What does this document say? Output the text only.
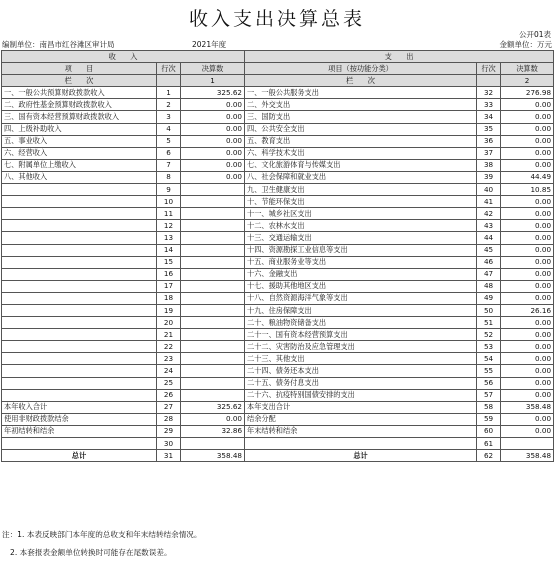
收入支出决算总表
公开01表
编制单位：南昌市红谷滩区审计局	2021年度	金额单位：万元
收　　入			支　　出		
项　　目	行次	决算数	项目（按功能分类）	行次	决算数
栏　　次		1	栏　　次		2
一、一般公共预算财政拨款收入	1	325.62	一、一般公共服务支出	32	276.98
二、政府性基金预算财政拨款收入	2	0.00	二、外交支出	33	0.00
三、国有资本经营预算财政拨款收入	3	0.00	三、国防支出	34	0.00
四、上级补助收入	4	0.00	四、公共安全支出	35	0.00
五、事业收入	5	0.00	五、教育支出	36	0.00
六、经营收入	6	0.00	六、科学技术支出	37	0.00
七、附属单位上缴收入	7	0.00	七、文化旅游体育与传媒支出	38	0.00
八、其他收入	8	0.00	八、社会保障和就业支出	39	44.49
	9		九、卫生健康支出	40	10.85
	10		十、节能环保支出	41	0.00
	11		十一、城乡社区支出	42	0.00
	12		十二、农林水支出	43	0.00
	13		十三、交通运输支出	44	0.00
	14		十四、资源勘探工业信息等支出	45	0.00
	15		十五、商业服务业等支出	46	0.00
	16		十六、金融支出	47	0.00
	17		十七、援助其他地区支出	48	0.00
	18		十八、自然资源海洋气象等支出	49	0.00
	19		十九、住房保障支出	50	26.16
	20		二十、粮油物资储备支出	51	0.00
	21		二十一、国有资本经营预算支出	52	0.00
	22		二十二、灾害防治及应急管理支出	53	0.00
	23		二十三、其他支出	54	0.00
	24		二十四、债务还本支出	55	0.00
	25		二十五、债务付息支出	56	0.00
	26		二十六、抗疫特别国债安排的支出	57	0.00
本年收入合计	27	325.62	本年支出合计	58	358.48
使用非财政拨款结余	28	0.00	结余分配	59	0.00
年初结转和结余	29	32.86	年末结转和结余	60	0.00
	30			61	
总计	31	358.48	总计	62	358.48
注：1. 本表反映部门本年度的总收支和年末结转结余情况。
2. 本套报表金额单位转换时可能存在尾数误差。
